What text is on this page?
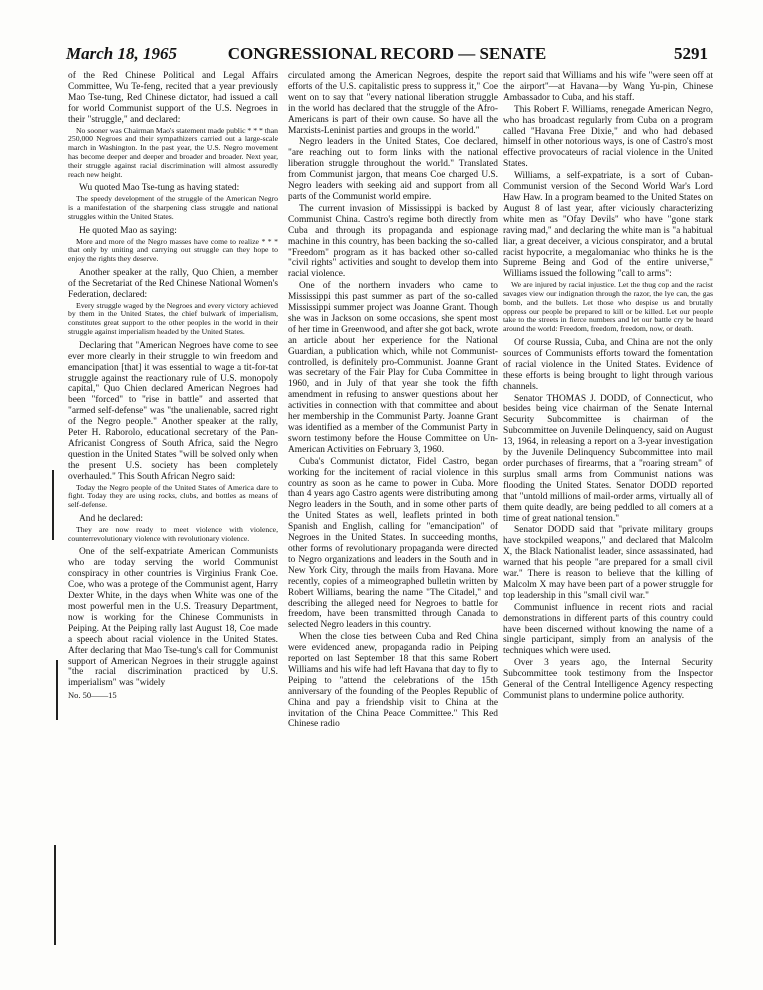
March 18, 1965	CONGRESSIONAL RECORD — SENATE	5291

of the Red Chinese Political and Legal Affairs Committee, Wu Te-feng, recited that a year previously Mao Tse-tung, Red Chinese dictator, had issued a call for world Communist support of the U.S. Negroes in their "struggle," and declared:

No sooner was Chairman Mao's statement made public * * * than 250,000 Negroes and their sympathizers carried out a large-scale march in Washington. In the past year, the U.S. Negro movement has become deeper and deeper and broader and broader. Next year, their struggle against racial discrimination will almost assuredly reach new height.

Wu quoted Mao Tse-tung as having stated:

The speedy development of the struggle of the American Negro is a manifestation of the sharpening class struggle and national struggles within the United States.

He quoted Mao as saying:

More and more of the Negro masses have come to realize * * * that only by uniting and carrying out struggle can they hope to enjoy the rights they deserve.

Another speaker at the rally, Quo Chien, a member of the Secretariat of the Red Chinese National Women's Federation, declared:

Every struggle waged by the Negroes and every victory achieved by them in the United States, the chief bulwark of imperialism, constitutes great support to the other peoples in the world in their struggle against imperialism headed by the United States.

Declaring that "American Negroes have come to see ever more clearly in their struggle to win freedom and emancipation [that] it was essential to wage a tit-for-tat struggle against the reactionary rule of U.S. monopoly capital," Quo Chien declared American Negroes had been "forced" to "rise in battle" and asserted that "armed self-defense" was "the unalienable, sacred right of the Negro people." Another speaker at the rally, Peter H. Raborolo, educational secretary of the Pan-Africanist Congress of South Africa, said the Negro question in the United States "will be solved only when the present U.S. society has been completely overhauled." This South African Negro said:

Today the Negro people of the United States of America dare to fight. Today they are using rocks, clubs, and bottles as means of self-defense.

And he declared:

They are now ready to meet violence with violence, counterrevolutionary violence with revolutionary violence.

One of the self-expatriate American Communists who are today serving the world Communist conspiracy in other countries is Virginius Frank Coe. Coe, who was a protege of the Communist agent, Harry Dexter White, in the days when White was one of the most powerful men in the U.S. Treasury Department, now is working for the Chinese Communists in Peiping. At the Peiping rally last August 18, Coe made a speech about racial violence in the United States. After declaring that Mao Tse-tung's call for Communist support of American Negroes in their struggle against "the racial discrimination practiced by U.S. imperialism" was "widely

No. 50——15

circulated among the American Negroes, despite the efforts of the U.S. capitalistic press to suppress it," Coe went on to say that "every national liberation struggle in the world has declared that the struggle of the Afro-Americans is part of their own cause. So have all the Marxists-Leninist parties and groups in the world."

Negro leaders in the United States, Coe declared, "are reaching out to form links with the national liberation struggle throughout the world." Translated from Communist jargon, that means Coe charged U.S. Negro leaders with seeking aid and support from all parts of the Communist world empire.

The current invasion of Mississippi is backed by Communist China. Castro's regime both directly from Cuba and through its propaganda and espionage machine in this country, has been backing the so-called "Freedom" program as it has backed other so-called "civil rights" activities and sought to develop them into racial violence.

One of the northern invaders who came to Mississippi this past summer as part of the so-called Mississippi summer project was Joanne Grant. Though she was in Jackson on some occasions, she spent most of her time in Greenwood, and after she got back, wrote an article about her experience for the National Guardian, a publication which, while not Communist-controlled, is definitely pro-Communist. Joanne Grant was secretary of the Fair Play for Cuba Committee in 1960, and in July of that year she took the fifth amendment in refusing to answer questions about her activities in connection with that committee and about her membership in the Communist Party. Joanne Grant was identified as a member of the Communist Party in sworn testimony before the House Committee on Un-American Activities on February 3, 1960.

Cuba's Communist dictator, Fidel Castro, began working for the incitement of racial violence in this country as soon as he came to power in Cuba. More than 4 years ago Castro agents were distributing among Negro leaders in the South, and in some other parts of the United States as well, leaflets printed in both Spanish and English, calling for "emancipation" of Negroes in the United States. In succeeding months, other forms of revolutionary propaganda were directed to Negro organizations and leaders in the South and in New York City, through the mails from Havana. More recently, copies of a mimeographed bulletin written by Robert Williams, bearing the name "The Citadel," and describing the alleged need for Negroes to battle for freedom, have been transmitted through Canada to selected Negro leaders in this country.

When the close ties between Cuba and Red China were evidenced anew, propaganda radio in Peiping reported on last September 18 that this same Robert Williams and his wife had left Havana that day to fly to Peiping to "attend the celebrations of the 15th anniversary of the founding of the Peoples Republic of China and pay a friendship visit to China at the invitation of the China Peace Committee." This Red Chinese radio

report said that Williams and his wife "were seen off at the airport"—at Havana—by Wang Yu-pin, Chinese Ambassador to Cuba, and his staff.

This Robert F. Williams, renegade American Negro, who has broadcast regularly from Cuba on a program called "Havana Free Dixie," and who had debased himself in other notorious ways, is one of Castro's most effective provocateurs of racial violence in the United States.

Williams, a self-expatriate, is a sort of Cuban-Communist version of the Second World War's Lord Haw Haw. In a program beamed to the United States on August 8 of last year, after viciously characterizing white men as "Ofay Devils" who have "gone stark raving mad," and declaring the white man is "a habitual liar, a great deceiver, a vicious conspirator, and a brutal racist hypocrite, a megalomaniac who thinks he is the Supreme Being and God of the entire universe," Williams issued the following "call to arms":

We are injured by racial injustice. Let the thug cop and the racist savages view our indignation through the razor, the lye can, the gas bomb, and the bullets. Let those who despise us and brutally oppress our people be prepared to kill or be killed. Let our people take to the streets in fierce numbers and let our battle cry be heard around the world: Freedom, freedom, freedom, now, or death.

Of course Russia, Cuba, and China are not the only sources of Communists efforts toward the fomentation of racial violence in the United States. Evidence of these efforts is being brought to light through various channels.

Senator THOMAS J. DODD, of Connecticut, who besides being vice chairman of the Senate Internal Security Subcommittee is chairman of the Subcommittee on Juvenile Delinquency, said on August 13, 1964, in releasing a report on a 3-year investigation by the Juvenile Delinquency Subcommittee into mail order purchases of firearms, that a "roaring stream" of surplus small arms from Communist nations was flooding the United States. Senator DODD reported that "untold millions of mail-order arms, virtually all of them quite deadly, are being peddled to all comers at a time of great national tension."

Senator DODD said that "private military groups have stockpiled weapons," and declared that Malcolm X, the Black Nationalist leader, since assassinated, had warned that his people "are prepared for a small civil war." There is reason to believe that the killing of Malcolm X may have been part of a power struggle for top leadership in this "small civil war."

Communist influence in recent riots and racial demonstrations in different parts of this country could have been discerned without knowing the name of a single participant, simply from an analysis of the techniques which were used.

Over 3 years ago, the Internal Security Subcommittee took testimony from the Inspector General of the Central Intelligence Agency respecting Communist plans to undermine police authority.
